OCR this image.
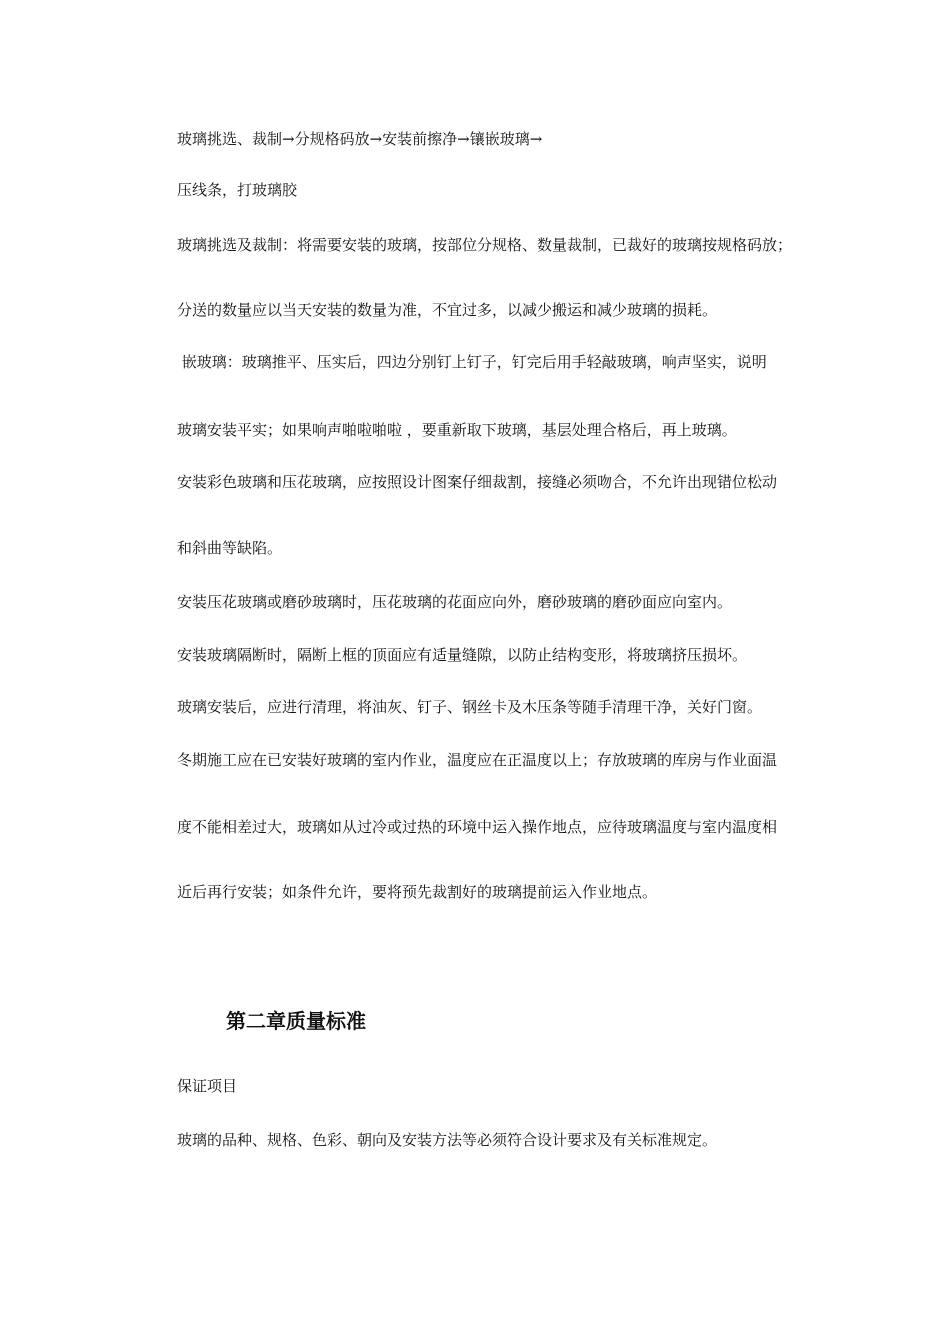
玻璃挑选、裁制→分规格码放→安装前擦净→镶嵌玻璃→

压线条，打玻璃胶

玻璃挑选及裁制：将需要安装的玻璃，按部位分规格、数量裁制，已裁好的玻璃按规格码放；

分送的数量应以当天安装的数量为准，不宜过多，以减少搬运和减少玻璃的损耗。

嵌玻璃：玻璃推平、压实后，四边分别钉上钉子，钉完后用手轻敲玻璃，响声坚实，说明

玻璃安装平实；如果响声啪啦啪啦 ，要重新取下玻璃，基层处理合格后，再上玻璃。

安装彩色玻璃和压花玻璃，应按照设计图案仔细裁割，接缝必须吻合，不允许出现错位松动

和斜曲等缺陷。

安装压花玻璃或磨砂玻璃时，压花玻璃的花面应向外，磨砂玻璃的磨砂面应向室内。

安装玻璃隔断时，隔断上框的顶面应有适量缝隙，以防止结构变形，将玻璃挤压损坏。

玻璃安装后，应进行清理，将油灰、钉子、钢丝卡及木压条等随手清理干净，关好门窗。

冬期施工应在已安装好玻璃的室内作业，温度应在正温度以上；存放玻璃的库房与作业面温

度不能相差过大，玻璃如从过冷或过热的环境中运入操作地点，应待玻璃温度与室内温度相

近后再行安装；如条件允许，要将预先裁割好的玻璃提前运入作业地点。

第二章质量标准

保证项目

玻璃的品种、规格、色彩、朝向及安装方法等必须符合设计要求及有关标准规定。
